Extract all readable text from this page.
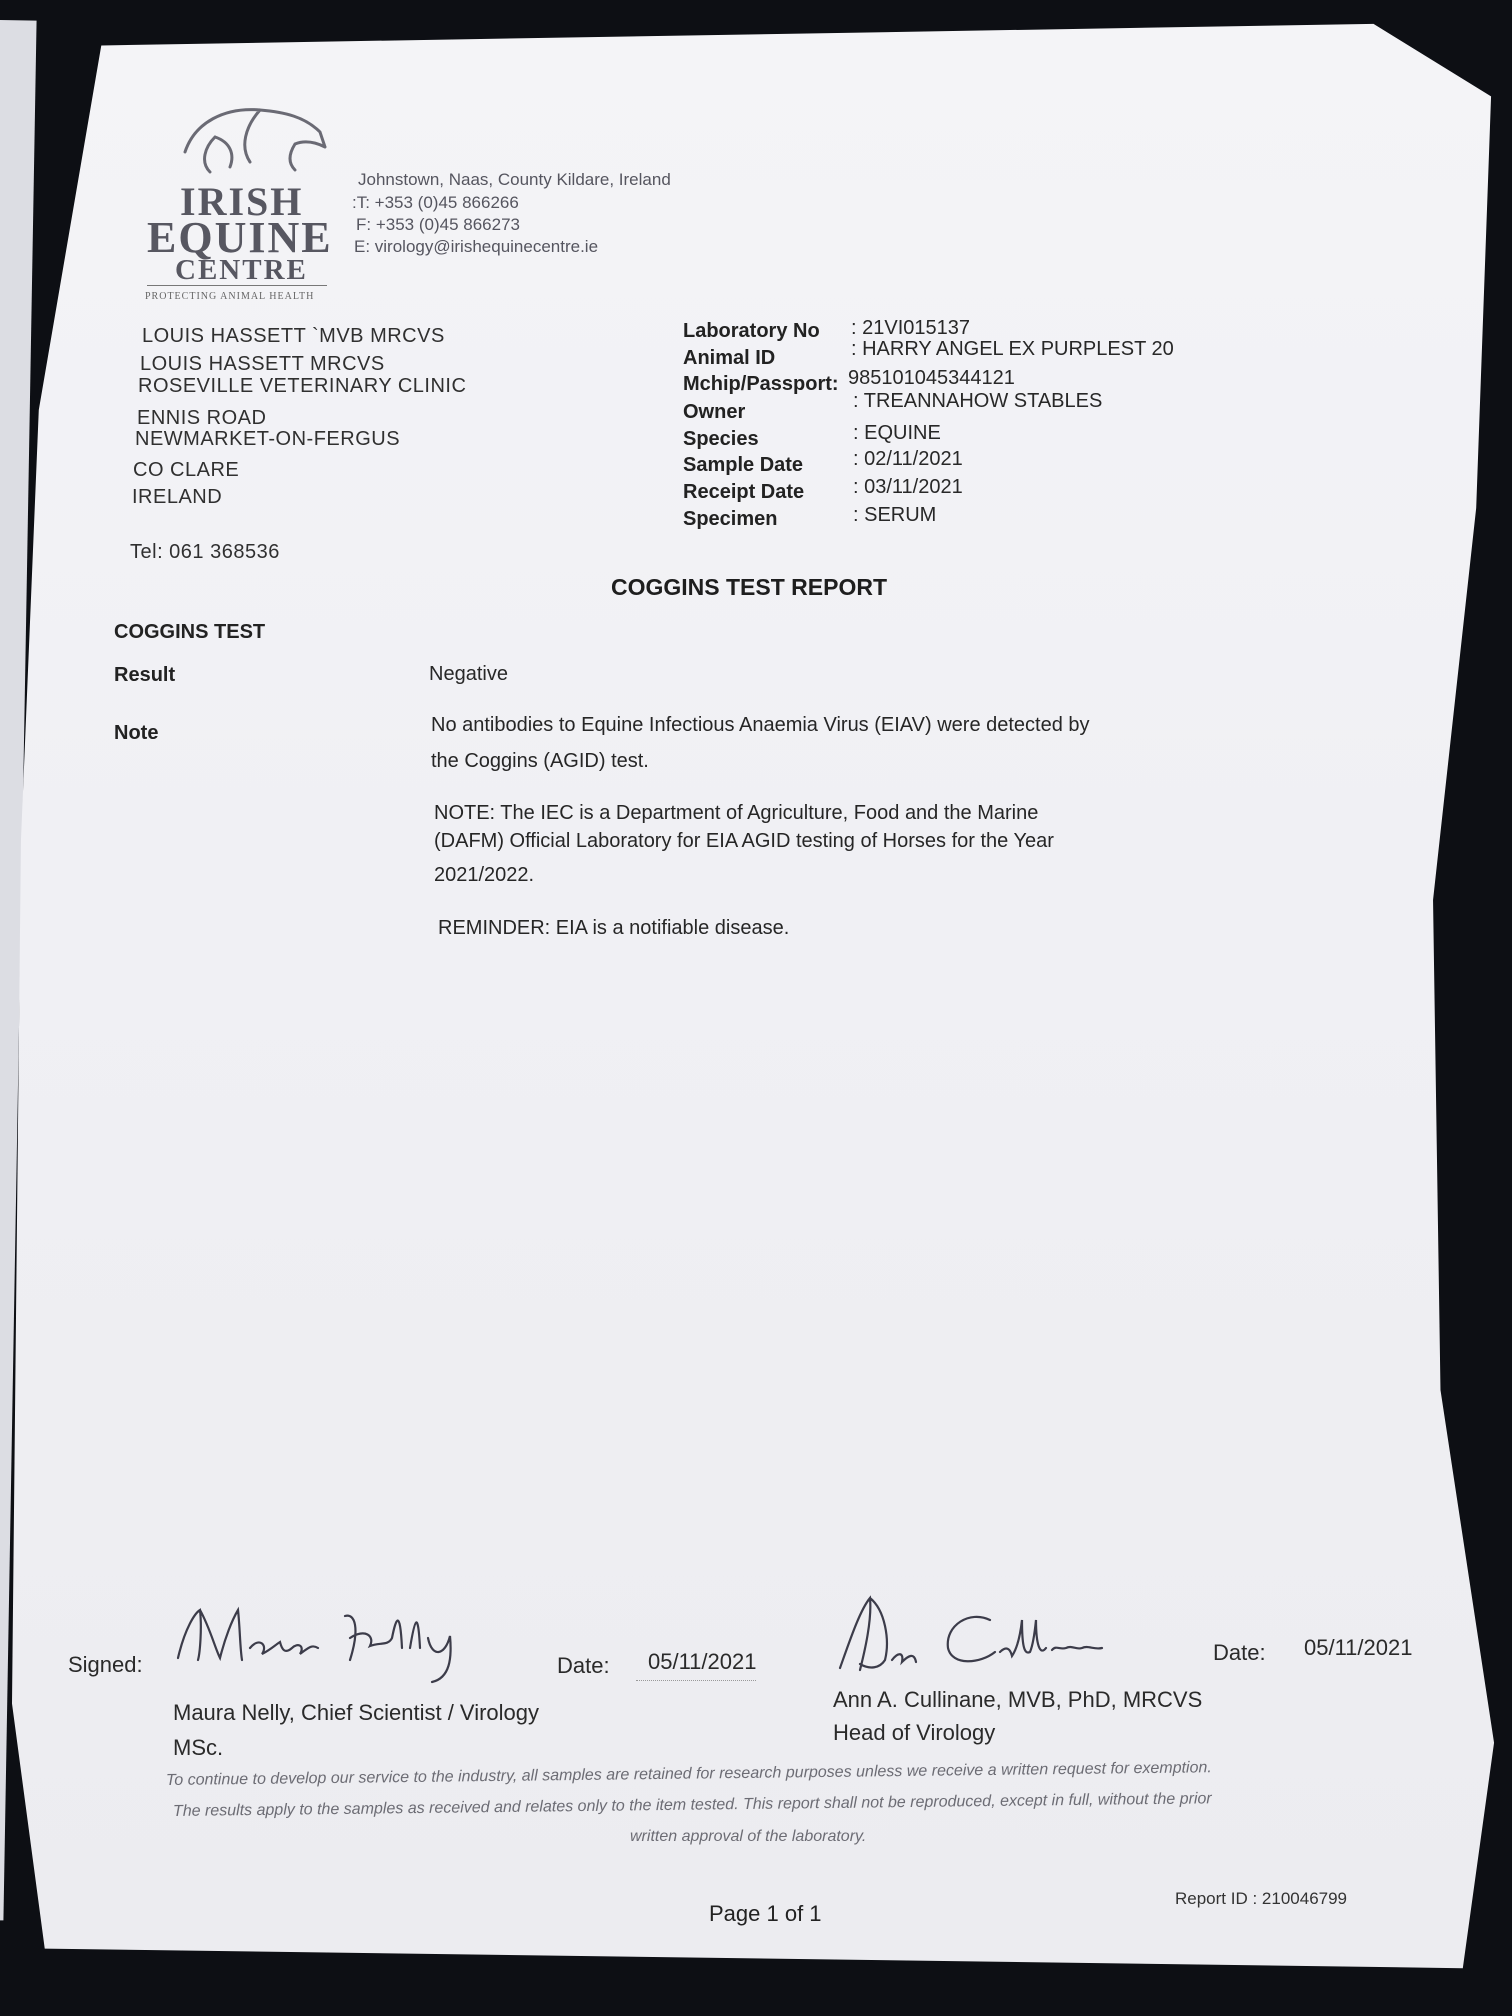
IRISH
EQUINE
CENTRE
PROTECTING ANIMAL HEALTH
Johnstown, Naas, County Kildare, Ireland
:T: +353 (0)45 866266
F: +353 (0)45 866273
E: virology@irishequinecentre.ie
LOUIS HASSETT `MVB MRCVS
LOUIS HASSETT MRCVS
ROSEVILLE VETERINARY CLINIC
ENNIS ROAD
NEWMARKET-ON-FERGUS
CO CLARE
IRELAND
Tel: 061 368536
Laboratory No : 21VI015137
Animal ID	: HARRY ANGEL EX PURPLEST 20
Mchip/Passport: 985101045344121
Owner	: TREANNAHOW STABLES
Species	: EQUINE
Sample Date : 02/11/2021
Receipt Date : 03/11/2021
Specimen	: SERUM
COGGINS TEST REPORT
COGGINS TEST
Result	Negative
Note	No antibodies to Equine Infectious Anaemia Virus (EIAV) were detected by
the Coggins (AGID) test.
NOTE: The IEC is a Department of Agriculture, Food and the Marine
(DAFM) Official Laboratory for EIA AGID testing of Horses for the Year
2021/2022.
REMINDER: EIA is a notifiable disease.
Signed:	Date: 05/11/2021
Maura Nelly, Chief Scientist / Virology
MSc.
Date: 05/11/2021
Ann A. Cullinane, MVB, PhD, MRCVS
Head of Virology
To continue to develop our service to the industry, all samples are retained for research purposes unless we receive a written request for exemption.
The results apply to the samples as received and relates only to the item tested. This report shall not be reproduced, except in full, without the prior
written approval of the laboratory.
Page 1 of 1
Report ID : 210046799
